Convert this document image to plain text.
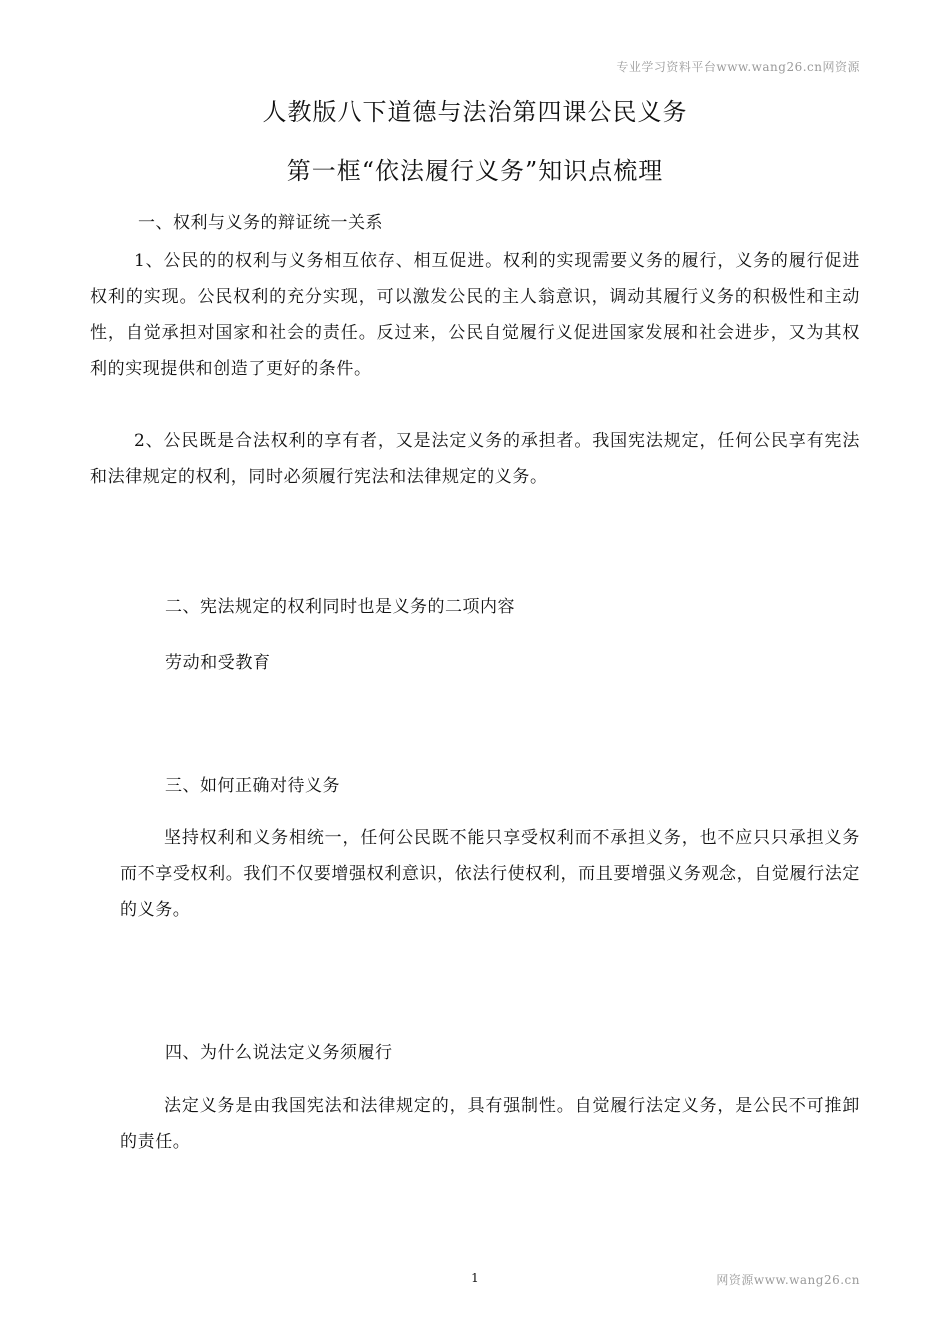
专业学习资料平台www.wang26.cn网资源
人教版八下道德与法治第四课公民义务
第一框“依法履行义务”知识点梳理
一、权利与义务的辩证统一关系
1、公民的的权利与义务相互依存、相互促进。权利的实现需要义务的履行，义务的履行促进权利的实现。公民权利的充分实现，可以激发公民的主人翁意识，调动其履行义务的积极性和主动性，自觉承担对国家和社会的责任。反过来，公民自觉履行义促进国家发展和社会进步，又为其权利的实现提供和创造了更好的条件。
2、公民既是合法权利的享有者，又是法定义务的承担者。我国宪法规定，任何公民享有宪法和法律规定的权利，同时必须履行宪法和法律规定的义务。
二、宪法规定的权利同时也是义务的二项内容
劳动和受教育
三、如何正确对待义务
坚持权利和义务相统一，任何公民既不能只享受权利而不承担义务，也不应只只承担义务而不享受权利。我们不仅要增强权利意识，依法行使权利，而且要增强义务观念，自觉履行法定的义务。
四、为什么说法定义务须履行
法定义务是由我国宪法和法律规定的，具有强制性。自觉履行法定义务，是公民不可推卸的责任。
1	网资源www.wang26.cn
